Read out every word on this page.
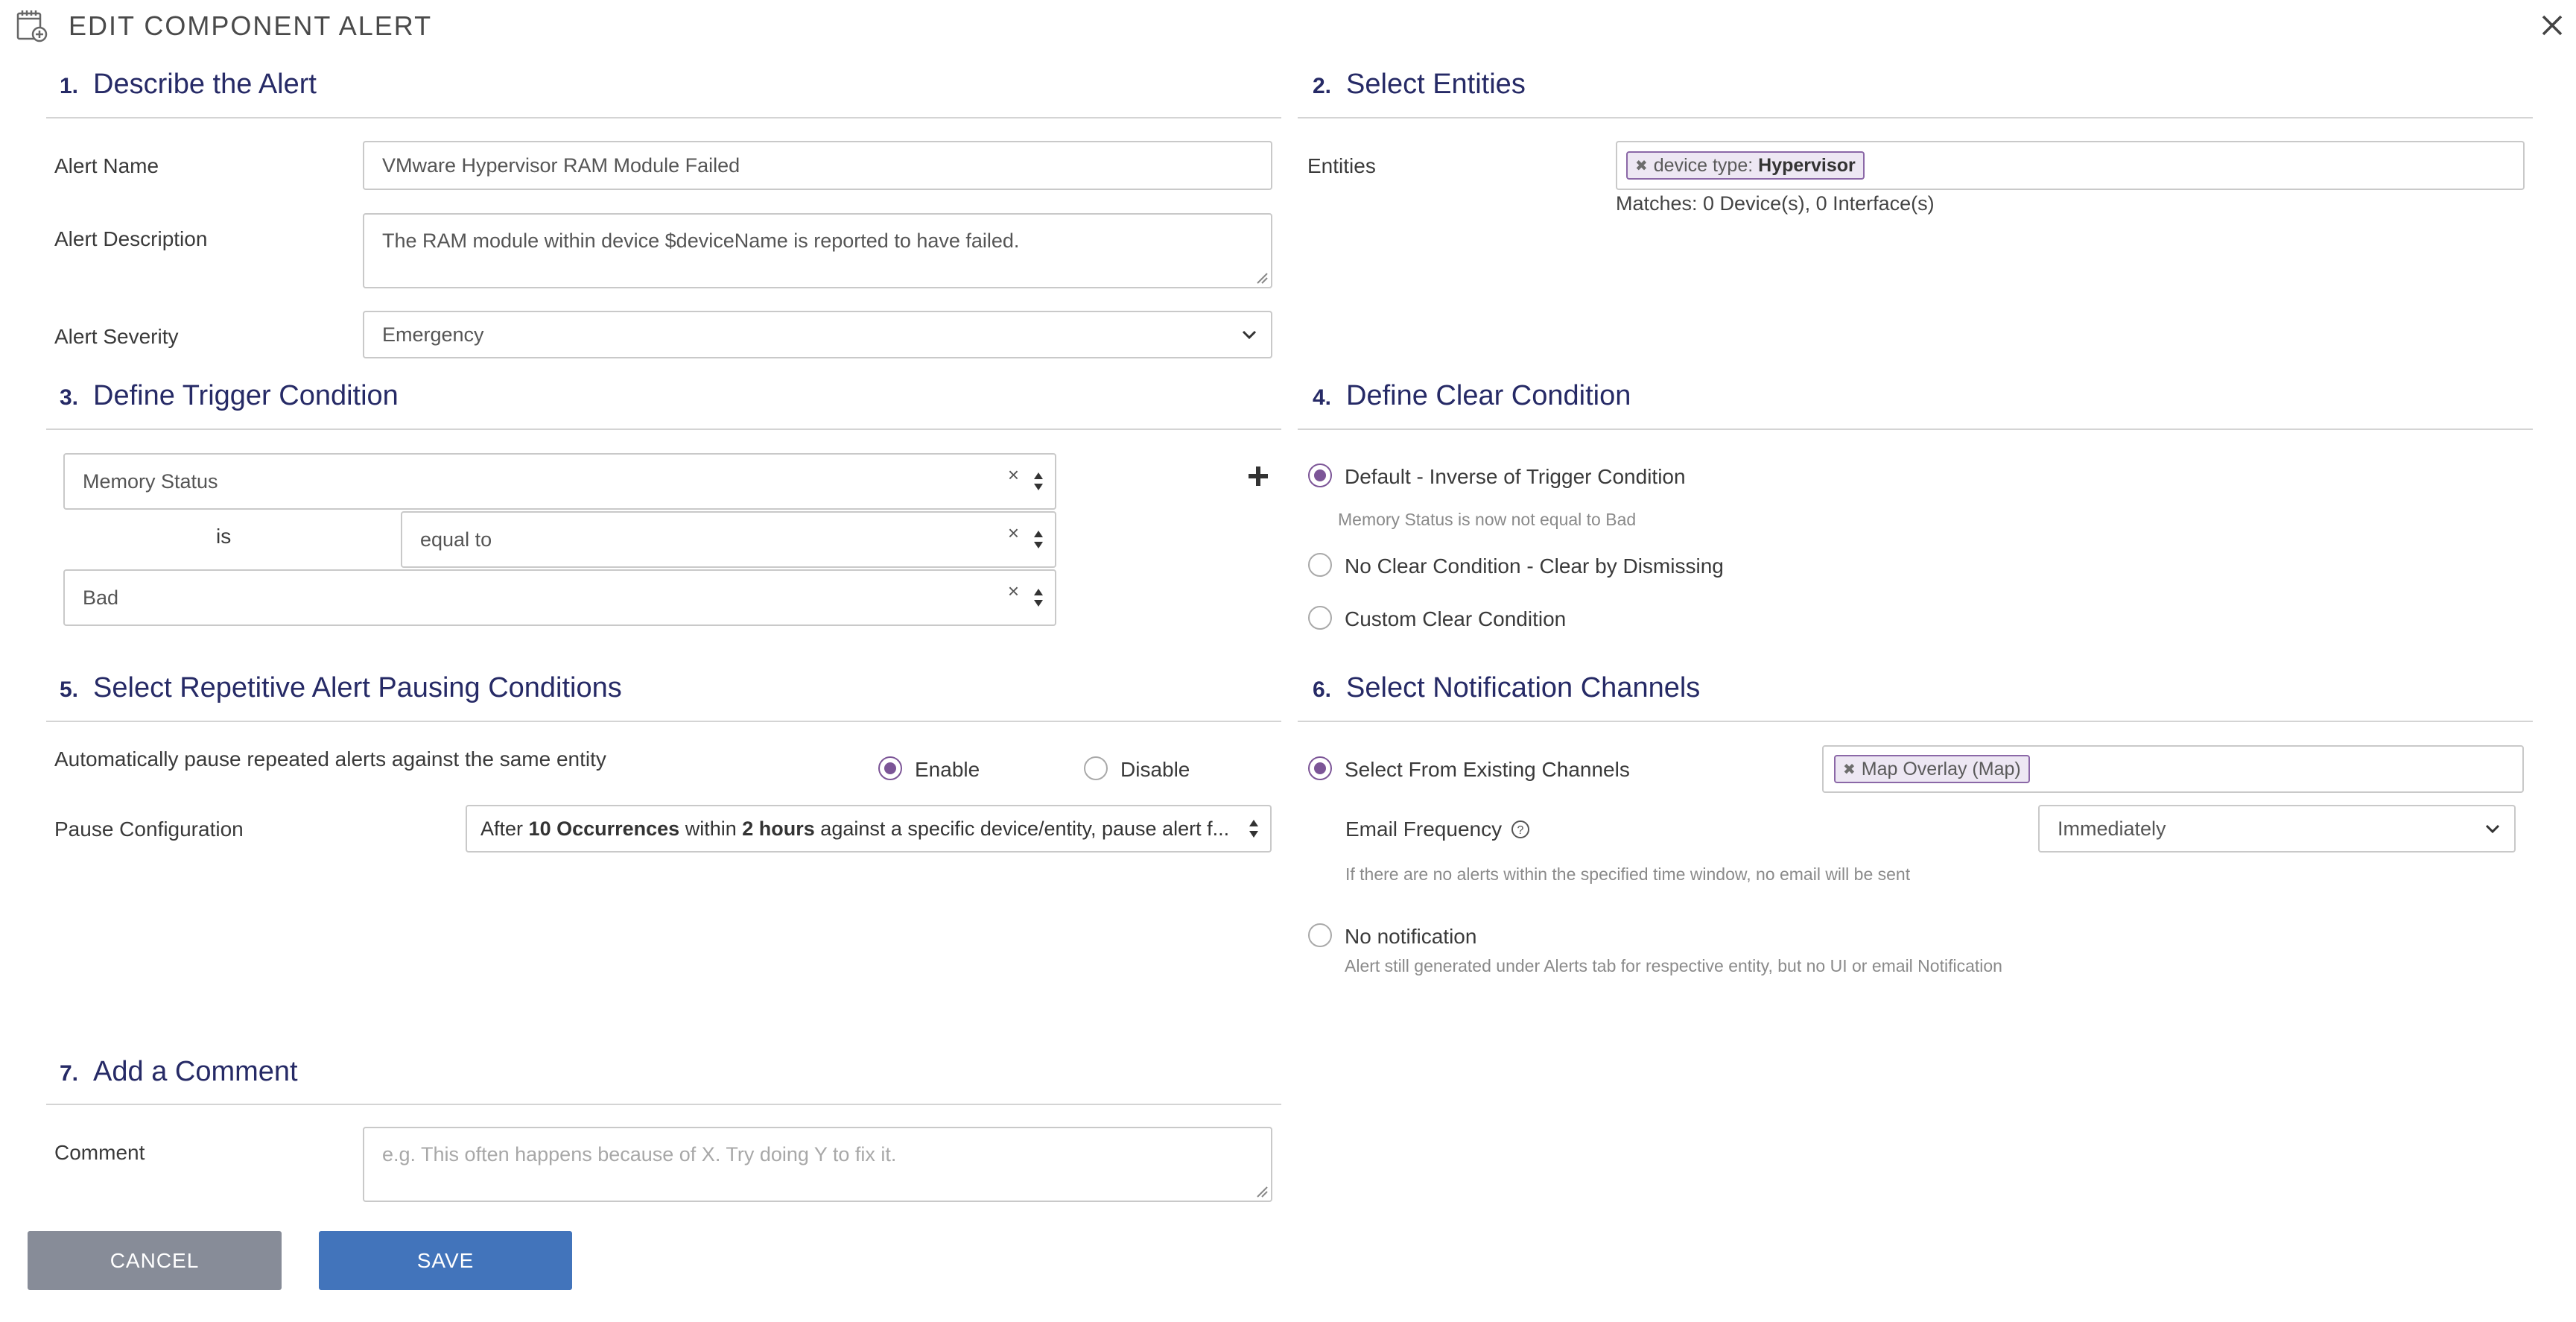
EDIT COMPONENT ALERT
1. Describe the Alert
Alert Name	VMware Hypervisor RAM Module Failed
Alert Description	The RAM module within device $deviceName is reported to have failed.
Alert Severity	Emergency
2. Select Entities
Entities	✖ device type:
Hypervisor
Matches: 0 Device(s), 0 Interface(s)
3. Define Trigger Condition
Memory Status	×
is	equal to	×
Bad	×
4. Define Clear Condition
Default - Inverse of Trigger Condition
Memory Status is now not equal to Bad
No Clear Condition - Clear by Dismissing
Custom Clear Condition
5. Select Repetitive Alert Pausing Conditions
Automatically pause repeated alerts against the same entity	Enable	Disable
Pause Configuration	After 10 Occurrences within 2 hours against a specific device/entity, pause alert f...
6. Select Notification Channels
Select From Existing Channels	✖ Map Overlay (Map)
Email Frequency ?	Immediately
If there are no alerts within the specified time window, no email will be sent
No notification
Alert still generated under Alerts tab for respective entity, but no UI or email Notification
7. Add a Comment
Comment	e.g. This often happens because of X. Try doing Y to fix it.
CANCEL	SAVE
